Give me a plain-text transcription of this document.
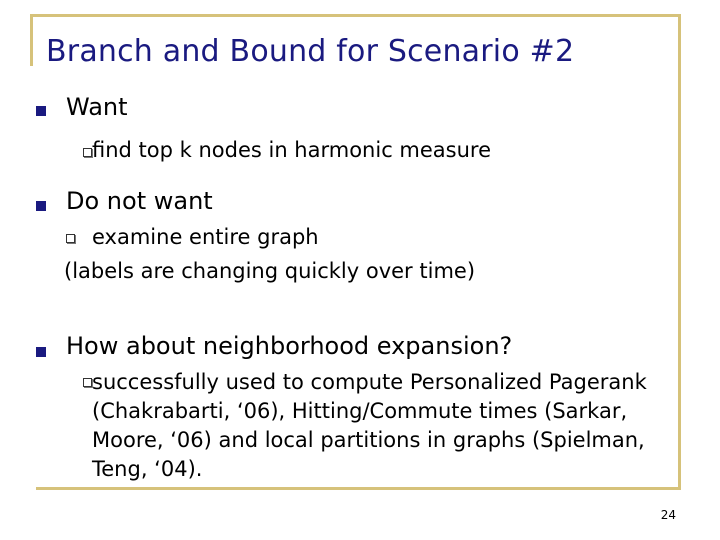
Branch and Bound for Scenario #2
Want
find top k nodes in harmonic measure
Do not want
examine entire graph
(labels are changing quickly over time)
How about neighborhood expansion?
successfully used to compute Personalized Pagerank
(Chakrabarti, ‘06), Hitting/Commute times (Sarkar,
Moore, ‘06) and local partitions in graphs (Spielman,
Teng, ‘04).
24
